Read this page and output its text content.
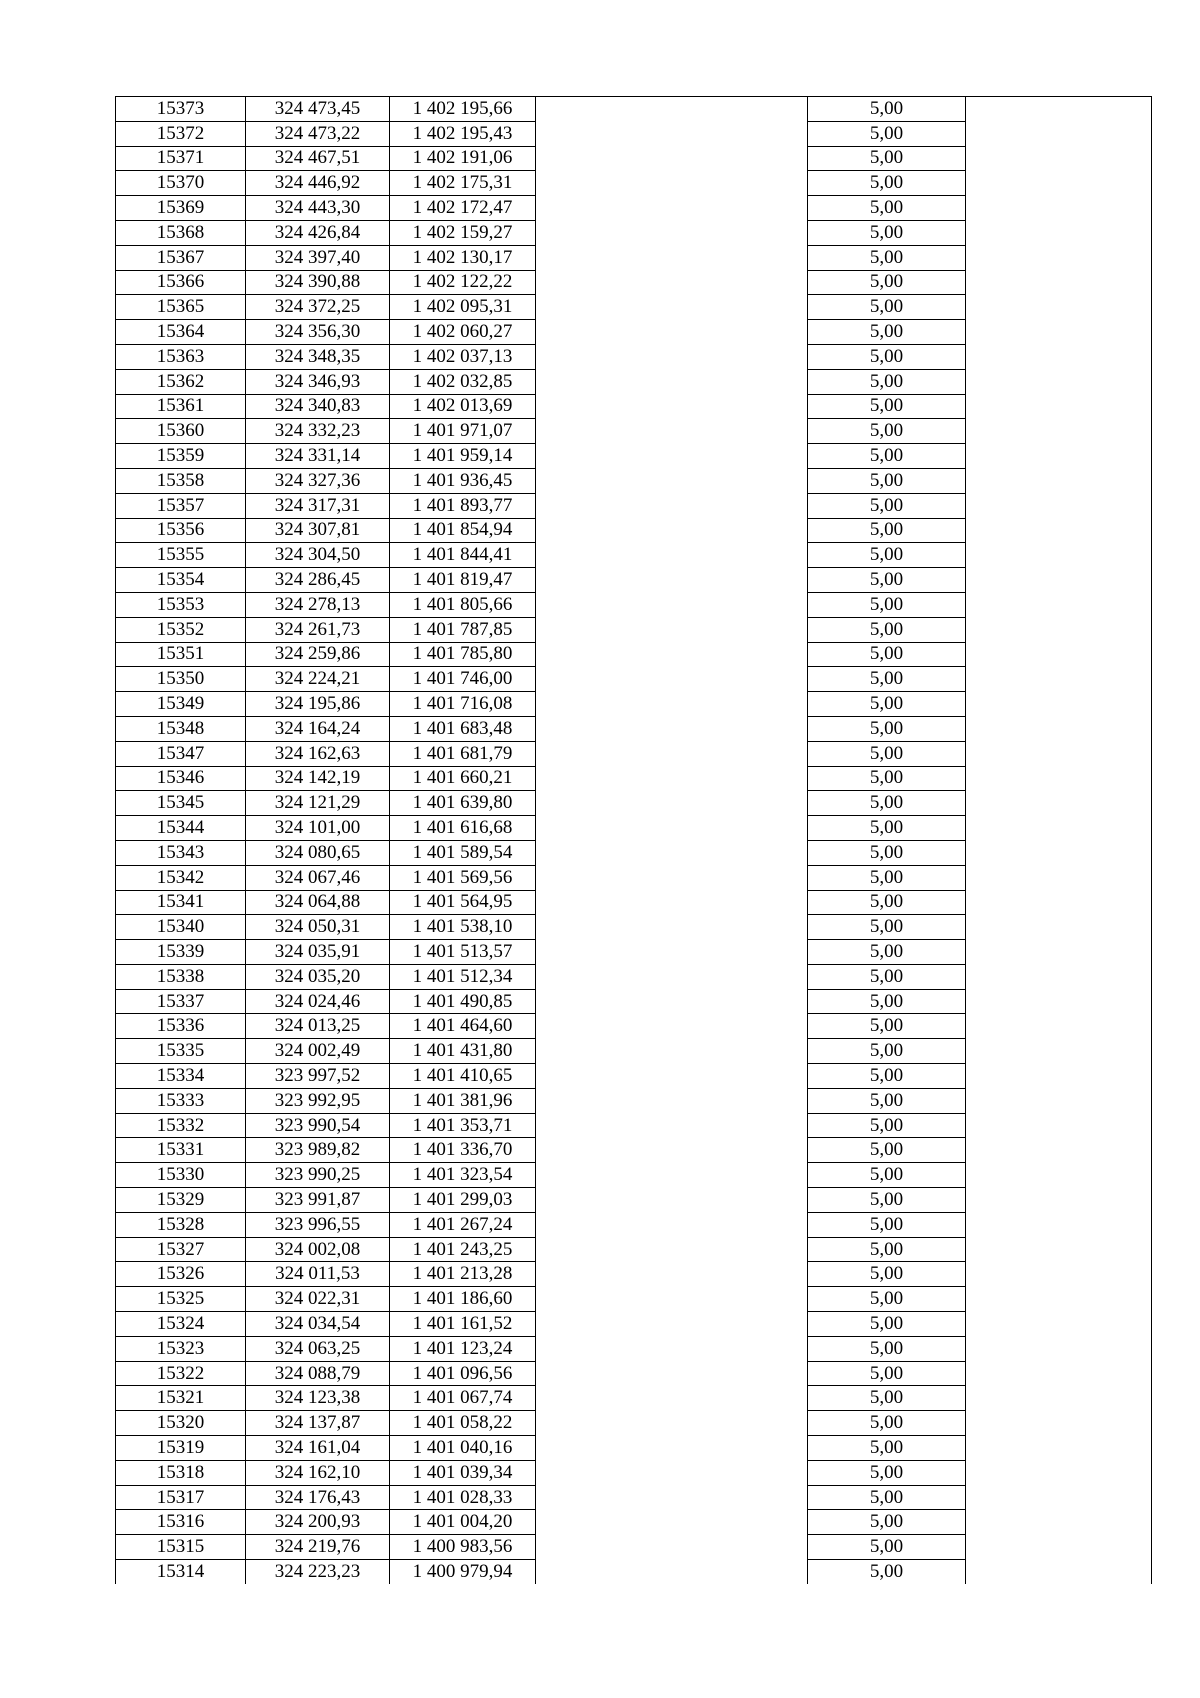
15373	324 473,45	1 402 195,66		5,00	
15372	324 473,22	1 402 195,43		5,00	
15371	324 467,51	1 402 191,06		5,00	
15370	324 446,92	1 402 175,31		5,00	
15369	324 443,30	1 402 172,47		5,00	
15368	324 426,84	1 402 159,27		5,00	
15367	324 397,40	1 402 130,17		5,00	
15366	324 390,88	1 402 122,22		5,00	
15365	324 372,25	1 402 095,31		5,00	
15364	324 356,30	1 402 060,27		5,00	
15363	324 348,35	1 402 037,13		5,00	
15362	324 346,93	1 402 032,85		5,00	
15361	324 340,83	1 402 013,69		5,00	
15360	324 332,23	1 401 971,07		5,00	
15359	324 331,14	1 401 959,14		5,00	
15358	324 327,36	1 401 936,45		5,00	
15357	324 317,31	1 401 893,77		5,00	
15356	324 307,81	1 401 854,94		5,00	
15355	324 304,50	1 401 844,41		5,00	
15354	324 286,45	1 401 819,47		5,00	
15353	324 278,13	1 401 805,66		5,00	
15352	324 261,73	1 401 787,85		5,00	
15351	324 259,86	1 401 785,80		5,00	
15350	324 224,21	1 401 746,00		5,00	
15349	324 195,86	1 401 716,08		5,00	
15348	324 164,24	1 401 683,48		5,00	
15347	324 162,63	1 401 681,79		5,00	
15346	324 142,19	1 401 660,21		5,00	
15345	324 121,29	1 401 639,80		5,00	
15344	324 101,00	1 401 616,68		5,00	
15343	324 080,65	1 401 589,54		5,00	
15342	324 067,46	1 401 569,56		5,00	
15341	324 064,88	1 401 564,95		5,00	
15340	324 050,31	1 401 538,10		5,00	
15339	324 035,91	1 401 513,57		5,00	
15338	324 035,20	1 401 512,34		5,00	
15337	324 024,46	1 401 490,85		5,00	
15336	324 013,25	1 401 464,60		5,00	
15335	324 002,49	1 401 431,80		5,00	
15334	323 997,52	1 401 410,65		5,00	
15333	323 992,95	1 401 381,96		5,00	
15332	323 990,54	1 401 353,71		5,00	
15331	323 989,82	1 401 336,70		5,00	
15330	323 990,25	1 401 323,54		5,00	
15329	323 991,87	1 401 299,03		5,00	
15328	323 996,55	1 401 267,24		5,00	
15327	324 002,08	1 401 243,25		5,00	
15326	324 011,53	1 401 213,28		5,00	
15325	324 022,31	1 401 186,60		5,00	
15324	324 034,54	1 401 161,52		5,00	
15323	324 063,25	1 401 123,24		5,00	
15322	324 088,79	1 401 096,56		5,00	
15321	324 123,38	1 401 067,74		5,00	
15320	324 137,87	1 401 058,22		5,00	
15319	324 161,04	1 401 040,16		5,00	
15318	324 162,10	1 401 039,34		5,00	
15317	324 176,43	1 401 028,33		5,00	
15316	324 200,93	1 401 004,20		5,00	
15315	324 219,76	1 400 983,56		5,00	
15314	324 223,23	1 400 979,94		5,00	
